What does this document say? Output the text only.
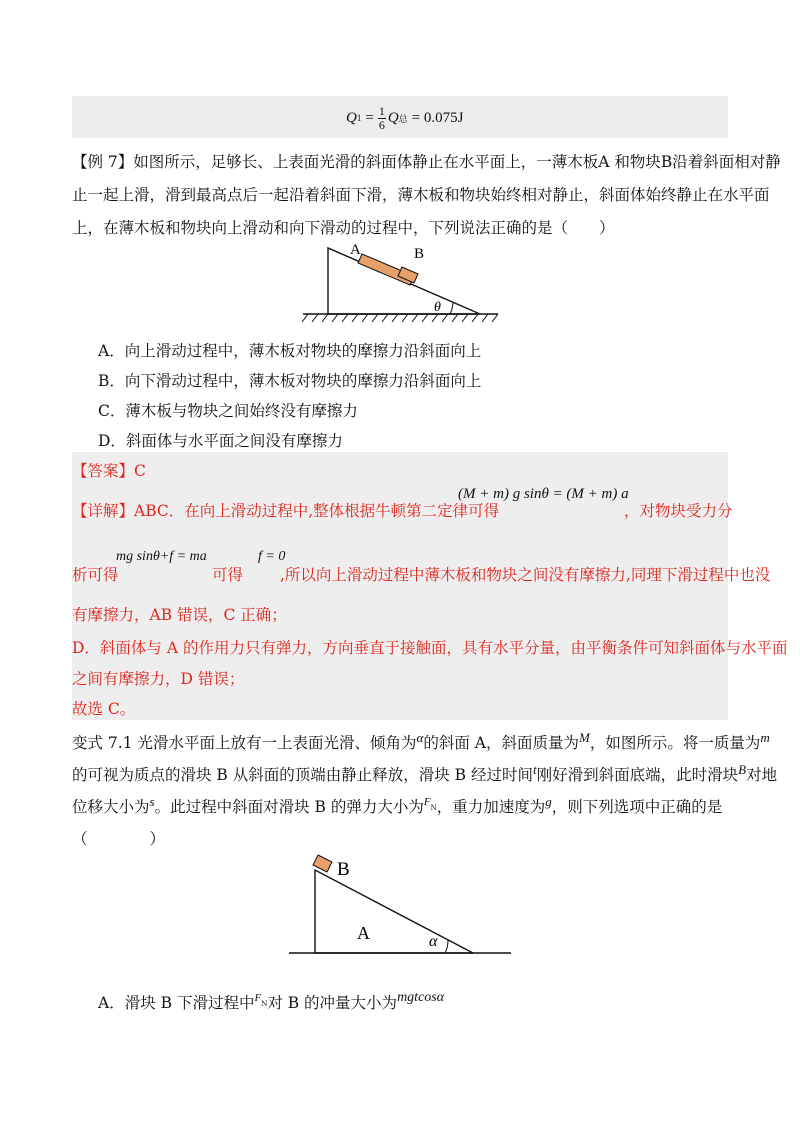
Q $1 = \frac{1}{6}$ Q 总 = 0.075J
【例 7】如图所示，足够长、上表面光滑的斜面体静止在水平面上，一薄木板A 和物块B沿着斜面相对静
止一起上滑，滑到最高点后一起沿着斜面下滑，薄木板和物块始终相对静止，斜面体始终静止在水平面
上，在薄木板和物块向上滑动和向下滑动的过程中，下列说法正确的是（　　）
A	B
θ
A．向上滑动过程中，薄木板对物块的摩擦力沿斜面向上
B．向下滑动过程中，薄木板对物块的摩擦力沿斜面向上
C．薄木板与物块之间始终没有摩擦力
D．斜面体与水平面之间没有摩擦力
【答案】C
【详解】ABC．在向上滑动过程中,整体根据牛顿第二定律可得
(M + m) g sinθ = (M + m) a
，对物块受力分
析可得
mg sinθ+f = ma
可得
f = 0
,所以向上滑动过程中薄木板和物块之间没有摩擦力,同理下滑过程中也没
有摩擦力，AB 错误，C 正确；
D．斜面体与 A 的作用力只有弹力，方向垂直于接触面，具有水平分量，由平衡条件可知斜面体与水平面
之间有摩擦力，D 错误；
故选 C。
变式 7.1 光滑水平面上放有一上表面光滑、倾角为$^\alpha$的斜面 A，斜面质量为$^M$，如图所示。将一质量为$^m$
的可视为质点的滑块 B 从斜面的顶端由静止释放，滑块 B 经过时间$^t$刚好滑到斜面底端，此时滑块$^B$对地
位移大小为$^s$。此过程中斜面对滑块 B 的弹力大小为$^F_N$，重力加速度为$^g$，则下列选项中正确的是
（　　　　）
B
A	α
A．滑块 B 下滑过程中$^F_N$对 B 的冲量大小为mgtcosα
